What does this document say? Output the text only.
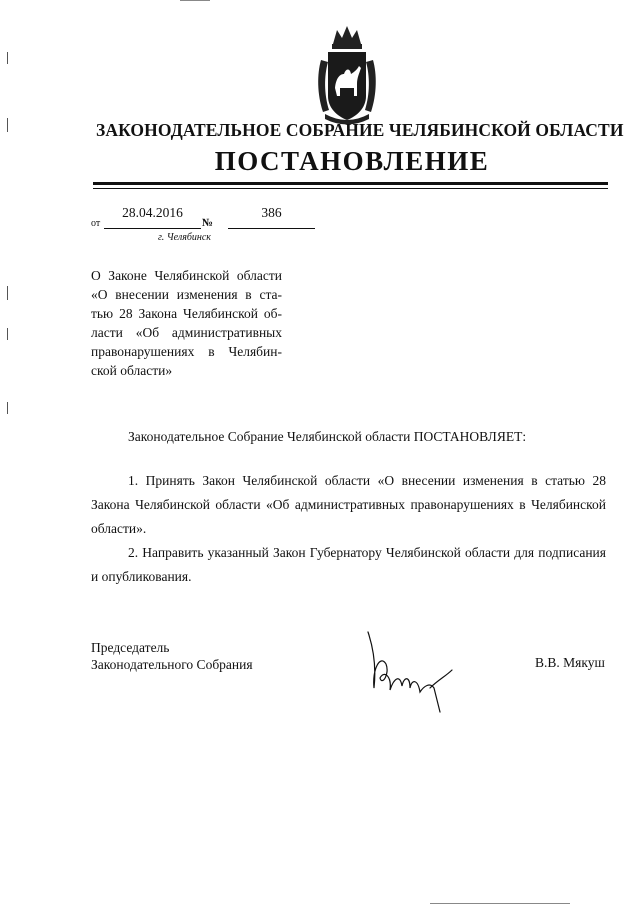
ЗАКОНОДАТЕЛЬНОЕ СОБРАНИЕ ЧЕЛЯБИНСКОЙ ОБЛАСТИ
ПОСТАНОВЛЕНИЕ
от
28.04.2016
№
386
г. Челябинск
О Законе Челябинской области
«О внесении изменения в ста-
тью 28 Закона Челябинской об-
ласти «Об административных
правонарушениях в Челябин-
ской области»
Законодательное Собрание Челябинской области ПОСТАНОВЛЯЕТ:
1. Принять Закон Челябинской области «О внесении изменения в статью 28 Закона Челябинской области «Об административных правонарушениях в Челябинской области».
2. Направить указанный Закон Губернатору Челябинской области для подписания и опубликования.
Председатель
Законодательного Собрания	В.В. Мякуш
